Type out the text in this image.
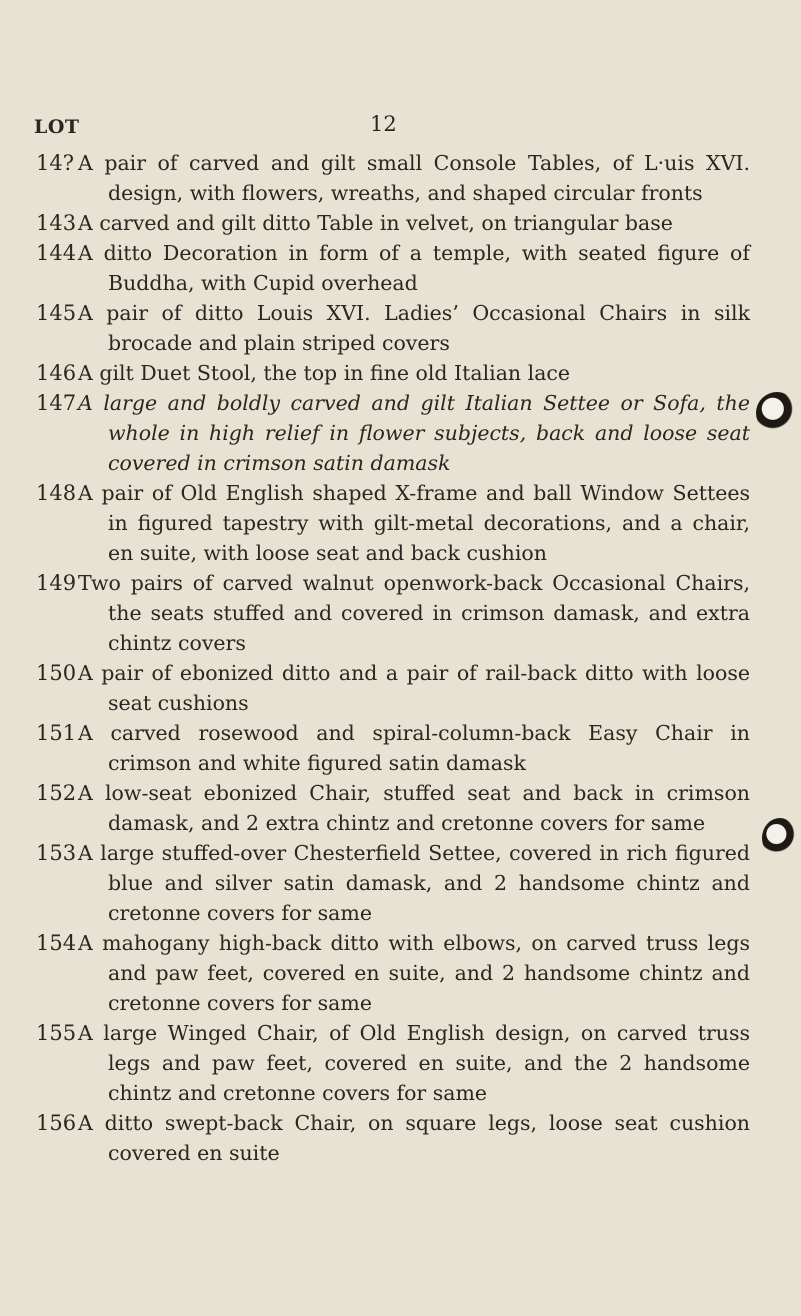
LOT	12
14? A pair of carved and gilt small Console Tables, of L·uis XVI. design, with flowers, wreaths, and shaped circular fronts
143 A carved and gilt ditto Table in velvet, on triangular base
144 A ditto Decoration in form of a temple, with seated figure of Buddha, with Cupid overhead
145 A pair of ditto Louis XVI. Ladies’ Occasional Chairs in silk brocade and plain striped covers
146 A gilt Duet Stool, the top in fine old Italian lace
147 A large and boldly carved and gilt Italian Settee or Sofa, the whole in high relief in flower subjects, back and loose seat covered in crimson satin damask
148 A pair of Old English shaped X-frame and ball Window Settees in figured tapestry with gilt-metal decorations, and a chair, en suite, with loose seat and back cushion
149 Two pairs of carved walnut openwork-back Occasional Chairs, the seats stuffed and covered in crimson damask, and extra chintz covers
150 A pair of ebonized ditto and a pair of rail-back ditto with loose seat cushions
151 A carved rosewood and spiral-column-back Easy Chair in crimson and white figured satin damask
152 A low-seat ebonized Chair, stuffed seat and back in crimson damask, and 2 extra chintz and cretonne covers for same
153 A large stuffed-over Chesterfield Settee, covered in rich figured blue and silver satin damask, and 2 handsome chintz and cretonne covers for same
154 A mahogany high-back ditto with elbows, on carved truss legs and paw feet, covered en suite, and 2 handsome chintz and cretonne covers for same
155 A large Winged Chair, of Old English design, on carved truss legs and paw feet, covered en suite, and the 2 handsome chintz and cretonne covers for same
156 A ditto swept-back Chair, on square legs, loose seat cushion covered en suite
